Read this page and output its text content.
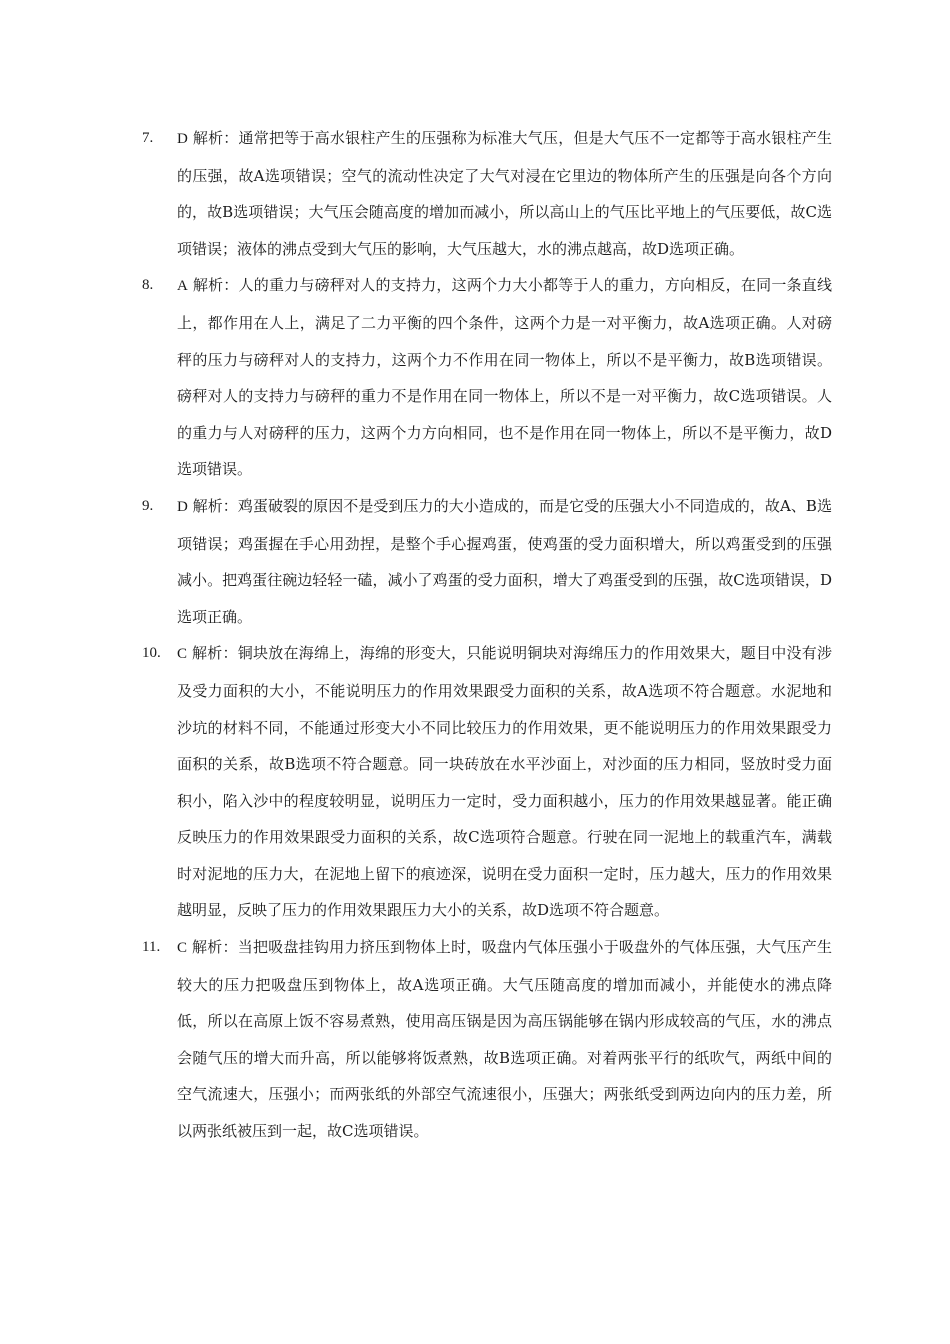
7. D 解析：通常把等于高水银柱产生的压强称为标准大气压，但是大气压不一定都等于高水银柱产生的压强，故A选项错误；空气的流动性决定了大气对浸在它里边的物体所产生的压强是向各个方向的，故B选项错误；大气压会随高度的增加而减小，所以高山上的气压比平地上的气压要低，故C选项错误；液体的沸点受到大气压的影响，大气压越大，水的沸点越高，故D选项正确。
8. A 解析：人的重力与磅秤对人的支持力，这两个力大小都等于人的重力，方向相反，在同一条直线上，都作用在人上，满足了二力平衡的四个条件，这两个力是一对平衡力，故A选项正确。人对磅秤的压力与磅秤对人的支持力，这两个力不作用在同一物体上，所以不是平衡力，故B选项错误。磅秤对人的支持力与磅秤的重力不是作用在同一物体上，所以不是一对平衡力，故C选项错误。人的重力与人对磅秤的压力，这两个力方向相同，也不是作用在同一物体上，所以不是平衡力，故D选项错误。
9. D 解析：鸡蛋破裂的原因不是受到压力的大小造成的，而是它受的压强大小不同造成的，故A、B选项错误；鸡蛋握在手心用劲捏，是整个手心握鸡蛋，使鸡蛋的受力面积增大，所以鸡蛋受到的压强减小。把鸡蛋往碗边轻轻一磕，减小了鸡蛋的受力面积，增大了鸡蛋受到的压强，故C选项错误，D选项正确。
10. C 解析：铜块放在海绵上，海绵的形变大，只能说明铜块对海绵压力的作用效果大，题目中没有涉及受力面积的大小，不能说明压力的作用效果跟受力面积的关系，故A选项不符合题意。水泥地和沙坑的材料不同，不能通过形变大小不同比较压力的作用效果，更不能说明压力的作用效果跟受力面积的关系，故B选项不符合题意。同一块砖放在水平沙面上，对沙面的压力相同，竖放时受力面积小，陷入沙中的程度较明显，说明压力一定时，受力面积越小，压力的作用效果越显著。能正确反映压力的作用效果跟受力面积的关系，故C选项符合题意。行驶在同一泥地上的载重汽车，满载时对泥地的压力大，在泥地上留下的痕迹深，说明在受力面积一定时，压力越大，压力的作用效果越明显，反映了压力的作用效果跟压力大小的关系，故D选项不符合题意。
11. C 解析：当把吸盘挂钩用力挤压到物体上时，吸盘内气体压强小于吸盘外的气体压强，大气压产生较大的压力把吸盘压到物体上，故A选项正确。大气压随高度的增加而减小，并能使水的沸点降低，所以在高原上饭不容易煮熟，使用高压锅是因为高压锅能够在锅内形成较高的气压，水的沸点会随气压的增大而升高，所以能够将饭煮熟，故B选项正确。对着两张平行的纸吹气，两纸中间的空气流速大，压强小；而两张纸的外部空气流速很小，压强大；两张纸受到两边向内的压力差，所以两张纸被压到一起，故C选项错误。
